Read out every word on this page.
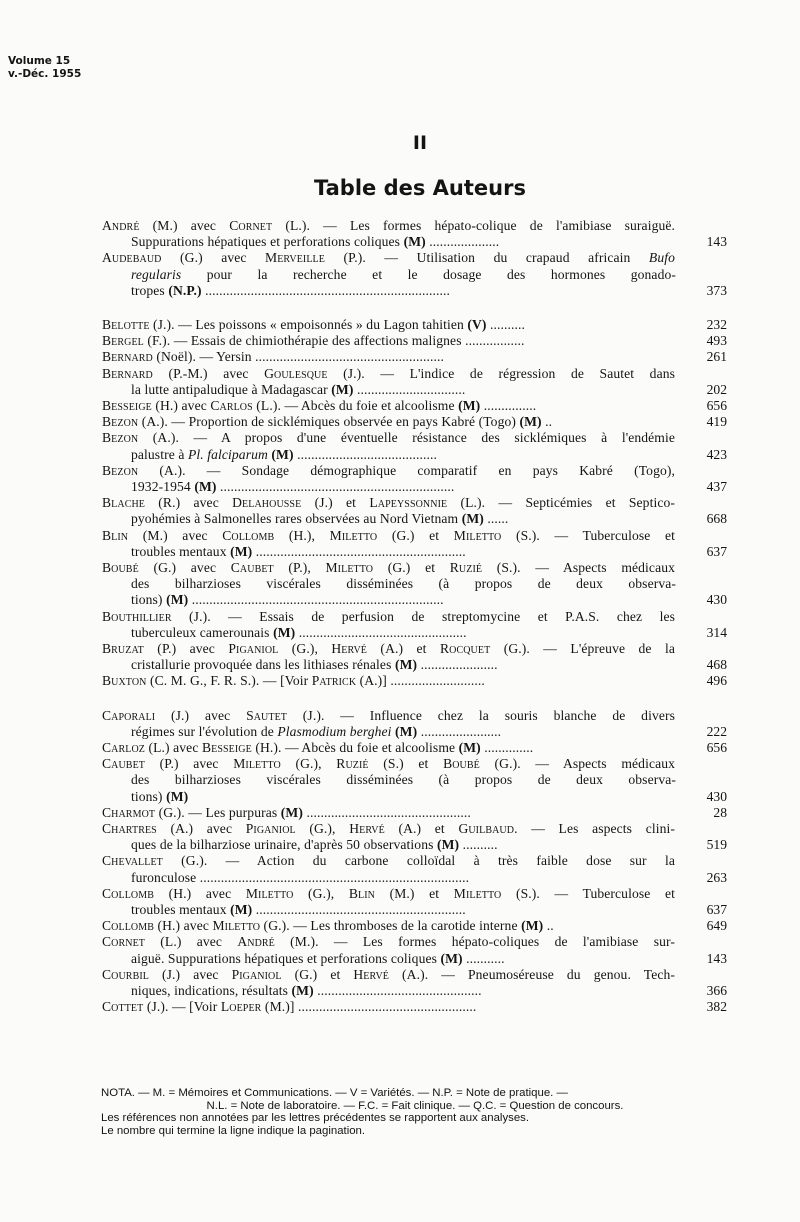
Volume 15
v.-Déc. 1955
II
Table des Auteurs
André (M.) avec Cornet (L.). — Les formes hépato-colique de l'amibiase suraiguë.
Suppurations hépatiques et perforations coliques (M) ....................	143
Audebaud (G.) avec Merveille (P.). — Utilisation du crapaud africain Bufo
regularis pour la recherche et le dosage des hormones gonado-
tropes (N.P.) ......................................................................	373
Belotte (J.). — Les poissons « empoisonnés » du Lagon tahitien (V) ..........	232
Bergel (F.). — Essais de chimiothérapie des affections malignes .................	493
Bernard (Noël). — Yersin ......................................................	261
Bernard (P.-M.) avec Goulesque (J.). — L'indice de régression de Sautet dans
la lutte antipaludique à Madagascar (M) ...............................	202
Besseige (H.) avec Carlos (L.). — Abcès du foie et alcoolisme (M) ...............	656
Bezon (A.). — Proportion de sicklémiques observée en pays Kabré (Togo) (M) ..	419
Bezon (A.). — A propos d'une éventuelle résistance des sicklémiques à l'endémie
palustre à Pl. falciparum (M) ........................................	423
Bezon (A.). — Sondage démographique comparatif en pays Kabré (Togo),
1932-1954 (M) ...................................................................	437
Blache (R.) avec Delahousse (J.) et Lapeyssonnie (L.). — Septicémies et Septico-
pyohémies à Salmonelles rares observées au Nord Vietnam (M) ......	668
Blin (M.) avec Collomb (H.), Miletto (G.) et Miletto (S.). — Tuberculose et
troubles mentaux (M) ............................................................	637
Boubé (G.) avec Caubet (P.), Miletto (G.) et Ruzié (S.). — Aspects médicaux
des bilharzioses viscérales disséminées (à propos de deux observa-
tions) (M) ........................................................................	430
Bouthillier (J.). — Essais de perfusion de streptomycine et P.A.S. chez les
tuberculeux camerounais (M) ................................................	314
Bruzat (P.) avec Piganiol (G.), Hervé (A.) et Rocquet (G.). — L'épreuve de la
cristallurie provoquée dans les lithiases rénales (M) ......................	468
Buxton (C. M. G., F. R. S.). — [Voir Patrick (A.)] ...........................	496
Caporali (J.) avec Sautet (J.). — Influence chez la souris blanche de divers
régimes sur l'évolution de Plasmodium berghei (M) .......................	222
Carloz (L.) avec Besseige (H.). — Abcès du foie et alcoolisme (M) ..............	656
Caubet (P.) avec Miletto (G.), Ruzié (S.) et Boubé (G.). — Aspects médicaux
des bilharzioses viscérales disséminées (à propos de deux observa-
tions) (M)	430
Charmot (G.). — Les purpuras (M) ...............................................	28
Chartres (A.) avec Piganiol (G.), Hervé (A.) et Guilbaud. — Les aspects clini-
ques de la bilharziose urinaire, d'après 50 observations (M) ..........	519
Chevallet (G.). — Action du carbone colloïdal à très faible dose sur la
furonculose .............................................................................	263
Collomb (H.) avec Miletto (G.), Blin (M.) et Miletto (S.). — Tuberculose et
troubles mentaux (M) ............................................................	637
Collomb (H.) avec Miletto (G.). — Les thromboses de la carotide interne (M) ..	649
Cornet (L.) avec André (M.). — Les formes hépato-coliques de l'amibiase sur-
aiguë. Suppurations hépatiques et perforations coliques (M) ...........	143
Courbil (J.) avec Piganiol (G.) et Hervé (A.). — Pneumoséreuse du genou. Tech-
niques, indications, résultats (M) ...............................................	366
Cottet (J.). — [Voir Loeper (M.)] ...................................................	382
NOTA. — M. = Mémoires et Communications. — V = Variétés. — N.P. = Note de pratique. —
N.L. = Note de laboratoire. — F.C. = Fait clinique. — Q.C. = Question de concours.
Les références non annotées par les lettres précédentes se rapportent aux analyses.
Le nombre qui termine la ligne indique la pagination.
